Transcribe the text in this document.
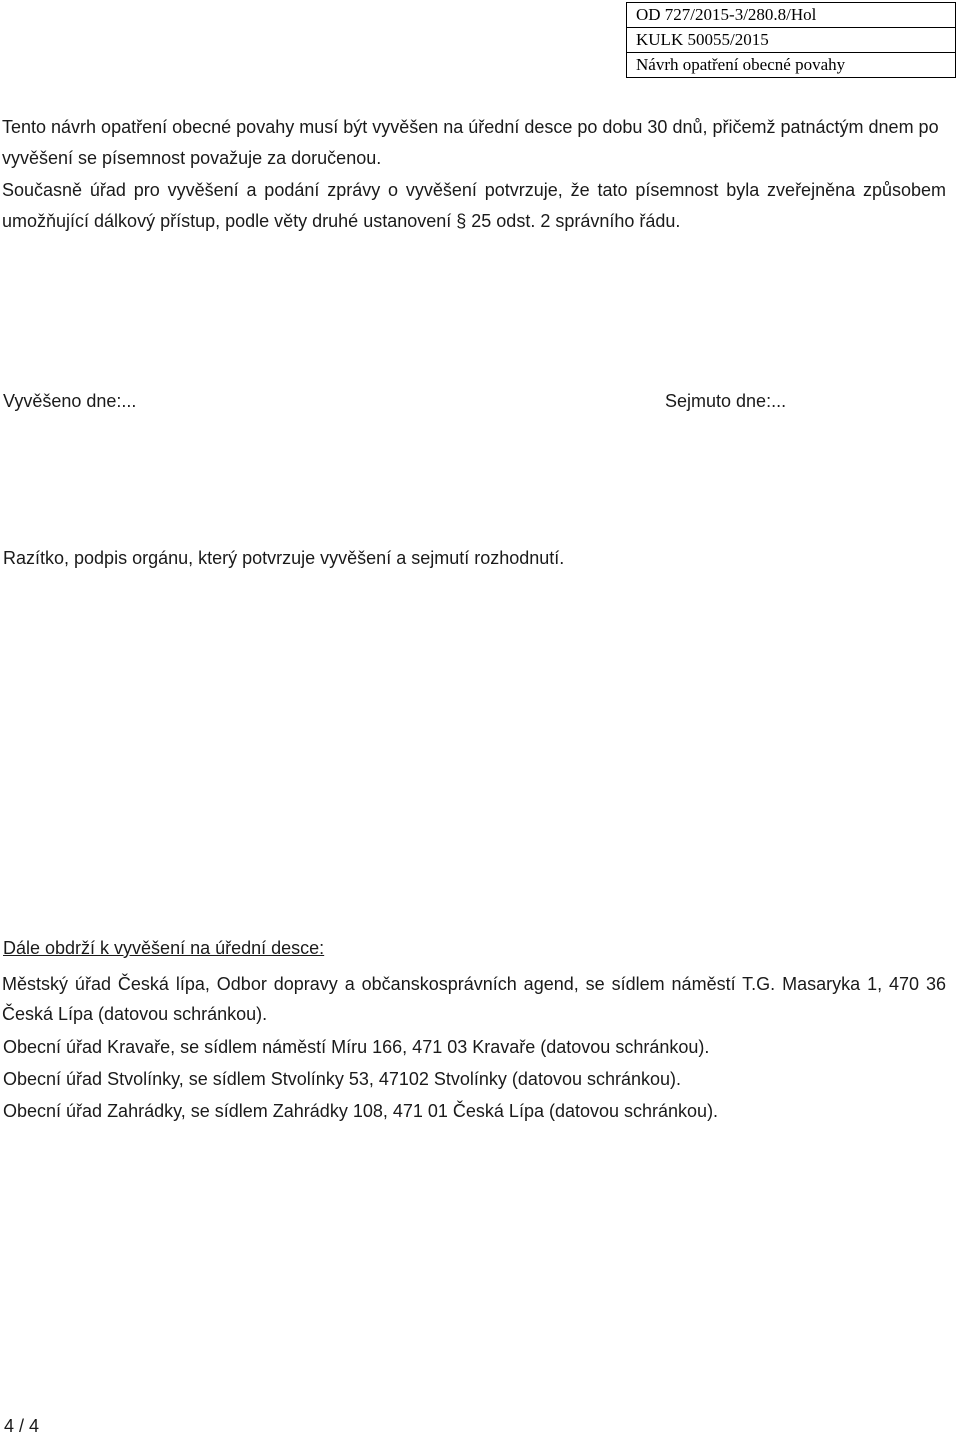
OD 727/2015-3/280.8/Hol
KULK 50055/2015
Návrh opatření obecné povahy

Tento návrh opatření obecné povahy musí být vyvěšen na úřední desce po dobu 30 dnů, přičemž patnáctým dnem po vyvěšení se písemnost považuje za doručenou.

Současně úřad pro vyvěšení a podání zprávy o vyvěšení potvrzuje, že tato písemnost byla zveřejněna způsobem umožňující dálkový přístup, podle věty druhé ustanovení § 25 odst. 2 správního řádu.

Vyvěšeno dne:...	Sejmuto dne:...
Razítko, podpis orgánu, který potvrzuje vyvěšení a sejmutí rozhodnutí.
Dále obdrží k vyvěšení na úřední desce:

Městský úřad Česká lípa, Odbor dopravy a občanskosprávních agend, se sídlem náměstí T.G. Masaryka 1, 470 36 Česká Lípa (datovou schránkou).

Obecní úřad Kravaře, se sídlem náměstí Míru 166, 471 03 Kravaře (datovou schránkou).
Obecní úřad Stvolínky, se sídlem Stvolínky 53, 47102 Stvolínky (datovou schránkou).
Obecní úřad Zahrádky, se sídlem Zahrádky 108, 471 01 Česká Lípa (datovou schránkou).
4 / 4
